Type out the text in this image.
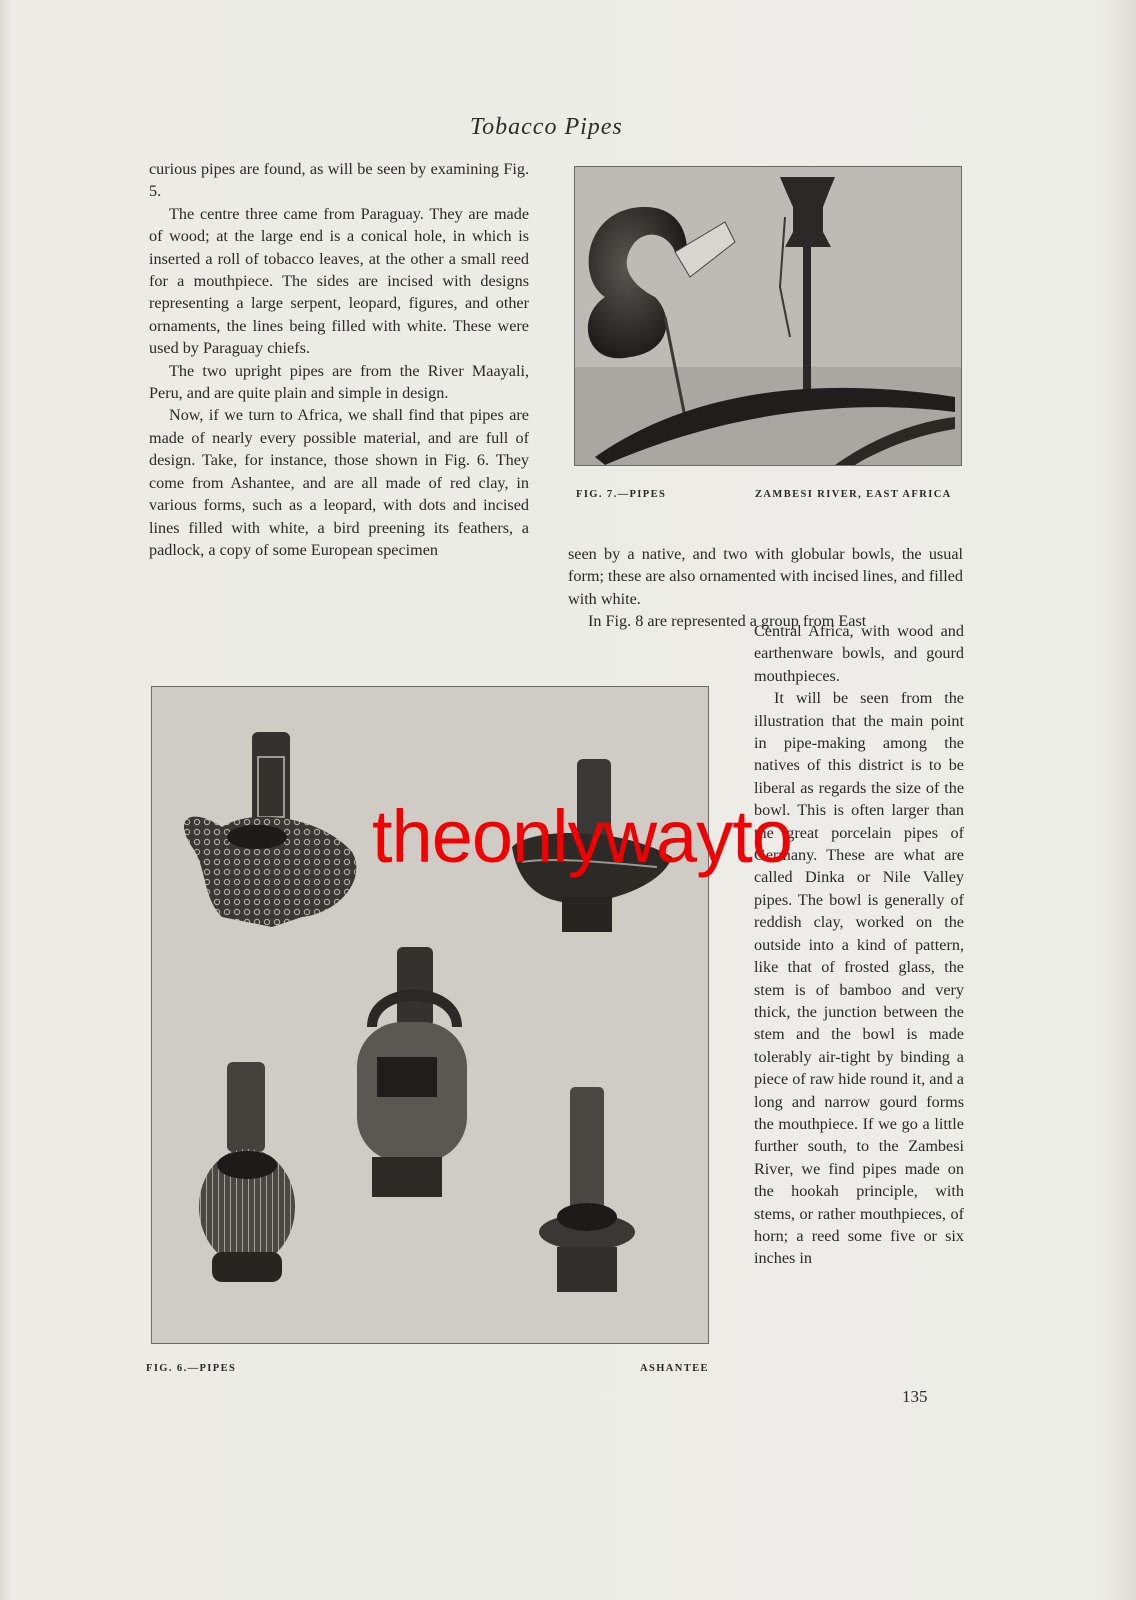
Tobacco Pipes

curious pipes are found, as will be seen by examining Fig. 5.

The centre three came from Paraguay. They are made of wood; at the large end is a conical hole, in which is inserted a roll of tobacco leaves, at the other a small reed for a mouthpiece. The sides are incised with designs representing a large serpent, leopard, figures, and other ornaments, the lines being filled with white. These were used by Paraguay chiefs.

The two upright pipes are from the River Maayali, Peru, and are quite plain and simple in design.

Now, if we turn to Africa, we shall find that pipes are made of nearly every possible material, and are full of design. Take, for instance, those shown in Fig. 6. They come from Ashantee, and are all made of red clay, in various forms, such as a leopard, with dots and incised lines filled with white, a bird preening its feathers, a padlock, a copy of some European specimen

FIG. 7.—PIPES	ZAMBESI RIVER, EAST AFRICA

seen by a native, and two with globular bowls, the usual form; these are also ornamented with incised lines, and filled with white.

In Fig. 8 are represented a group from East

Central Africa, with wood and earthenware bowls, and gourd mouthpieces.

It will be seen from the illustration that the main point in pipe-making among the natives of this district is to be liberal as regards the size of the bowl. This is often larger than the great porcelain pipes of Germany. These are what are called Dinka or Nile Valley pipes. The bowl is generally of reddish clay, worked on the outside into a kind of pattern, like that of frosted glass, the stem is of bamboo and very thick, the junction between the stem and the bowl is made tolerably air-tight by binding a piece of raw hide round it, and a long and narrow gourd forms the mouthpiece. If we go a little further south, to the Zambesi River, we find pipes made on the hookah principle, with stems, or rather mouthpieces, of horn; a reed some five or six inches in

FIG. 6.—PIPES	ASHANTEE
135
theonlywayto
